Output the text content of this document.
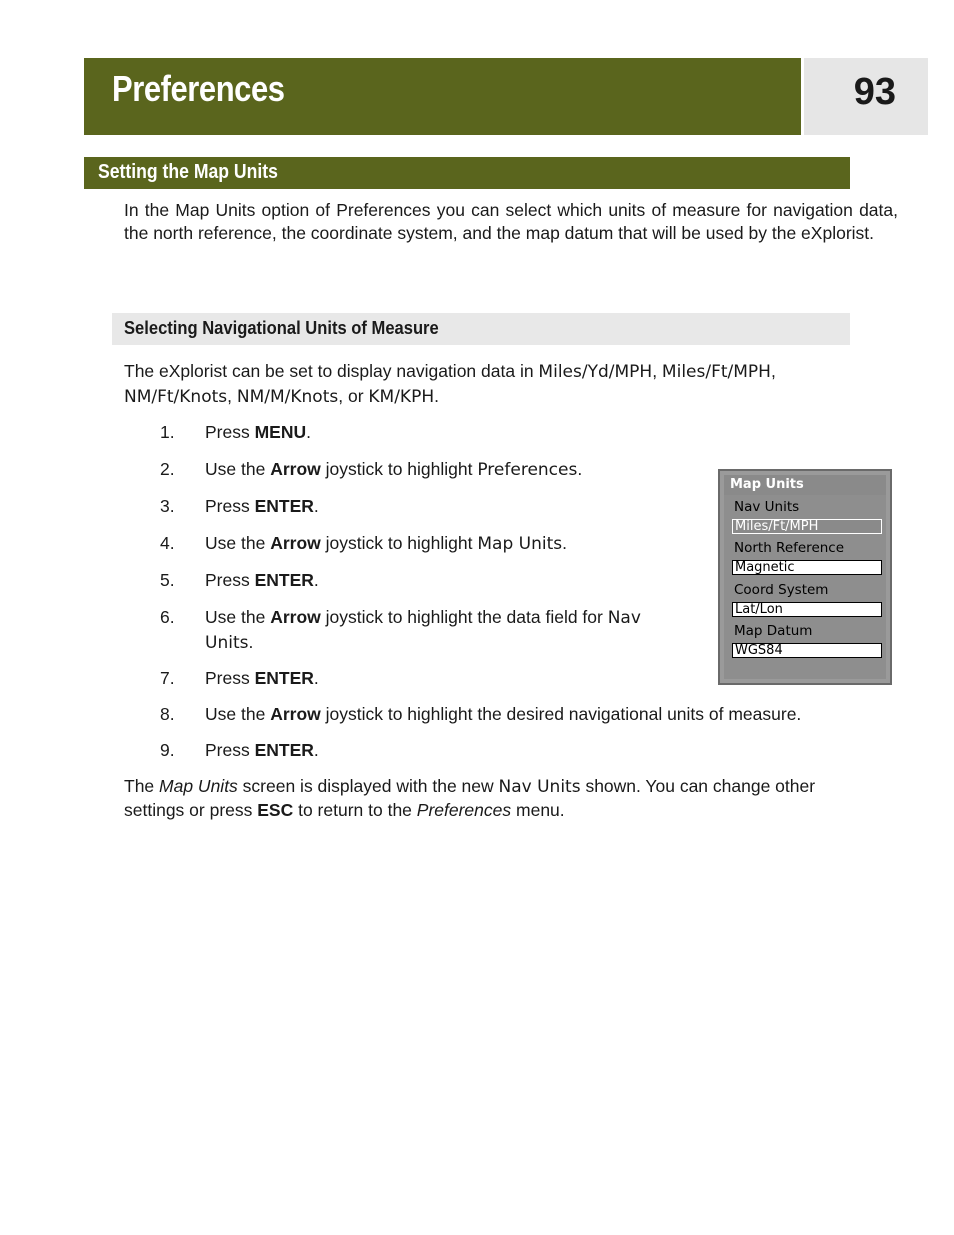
Preferences	93
Setting the Map Units
In the Map Units option of Preferences you can select which units of measure for navigation data, the north reference, the coordinate system, and the map datum that will be used by the eXplorist.
Selecting Navigational Units of Measure
The eXplorist can be set to display navigation data in Miles/Yd/MPH, Miles/Ft/MPH,
NM/Ft/Knots, NM/M/Knots, or KM/KPH.
1.	Press MENU.
2.	Use the Arrow joystick to highlight Preferences.
3.	Press ENTER.
4.	Use the Arrow joystick to highlight Map Units.
5.	Press ENTER.
6.	Use the Arrow joystick to highlight the data field for Nav Units.
7.	Press ENTER.
8.	Use the Arrow joystick to highlight the desired navigational units of measure.
9.	Press ENTER.
The Map Units screen is displayed with the new Nav Units shown. You can change other settings or press ESC to return to the Preferences menu.
Map Units
Nav Units
Miles/Ft/MPH
North Reference
Magnetic
Coord System
Lat/Lon
Map Datum
WGS84
